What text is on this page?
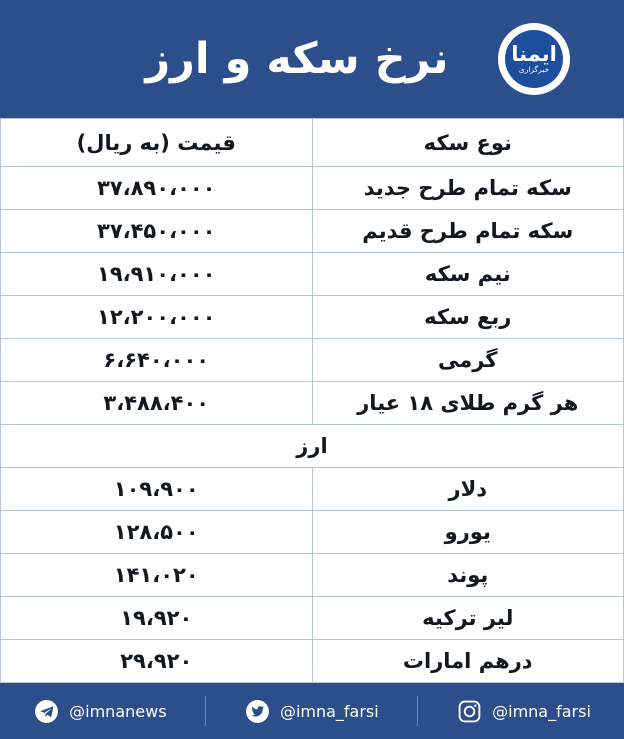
نرخ سکه و ارز	ایمنا
خبرگزاری
نوع سکه	قیمت (به ریال)
سکه تمام طرح جدید	۳۷،۸۹۰،۰۰۰
سکه تمام طرح قدیم	۳۷،۴۵۰،۰۰۰
نیم سکه	۱۹،۹۱۰،۰۰۰
ربع سکه	۱۲،۲۰۰،۰۰۰
گرمی	۶،۶۴۰،۰۰۰
هر گرم طلای ۱۸ عیار	۳،۴۸۸،۴۰۰
ارز	
دلار	۱۰۹،۹۰۰
یورو	۱۲۸،۵۰۰
پوند	۱۴۱،۰۲۰
لیر ترکیه	۱۹،۹۲۰
درهم امارات	۲۹،۹۲۰
@imna_farsi
@imna_farsi
@imnanews
